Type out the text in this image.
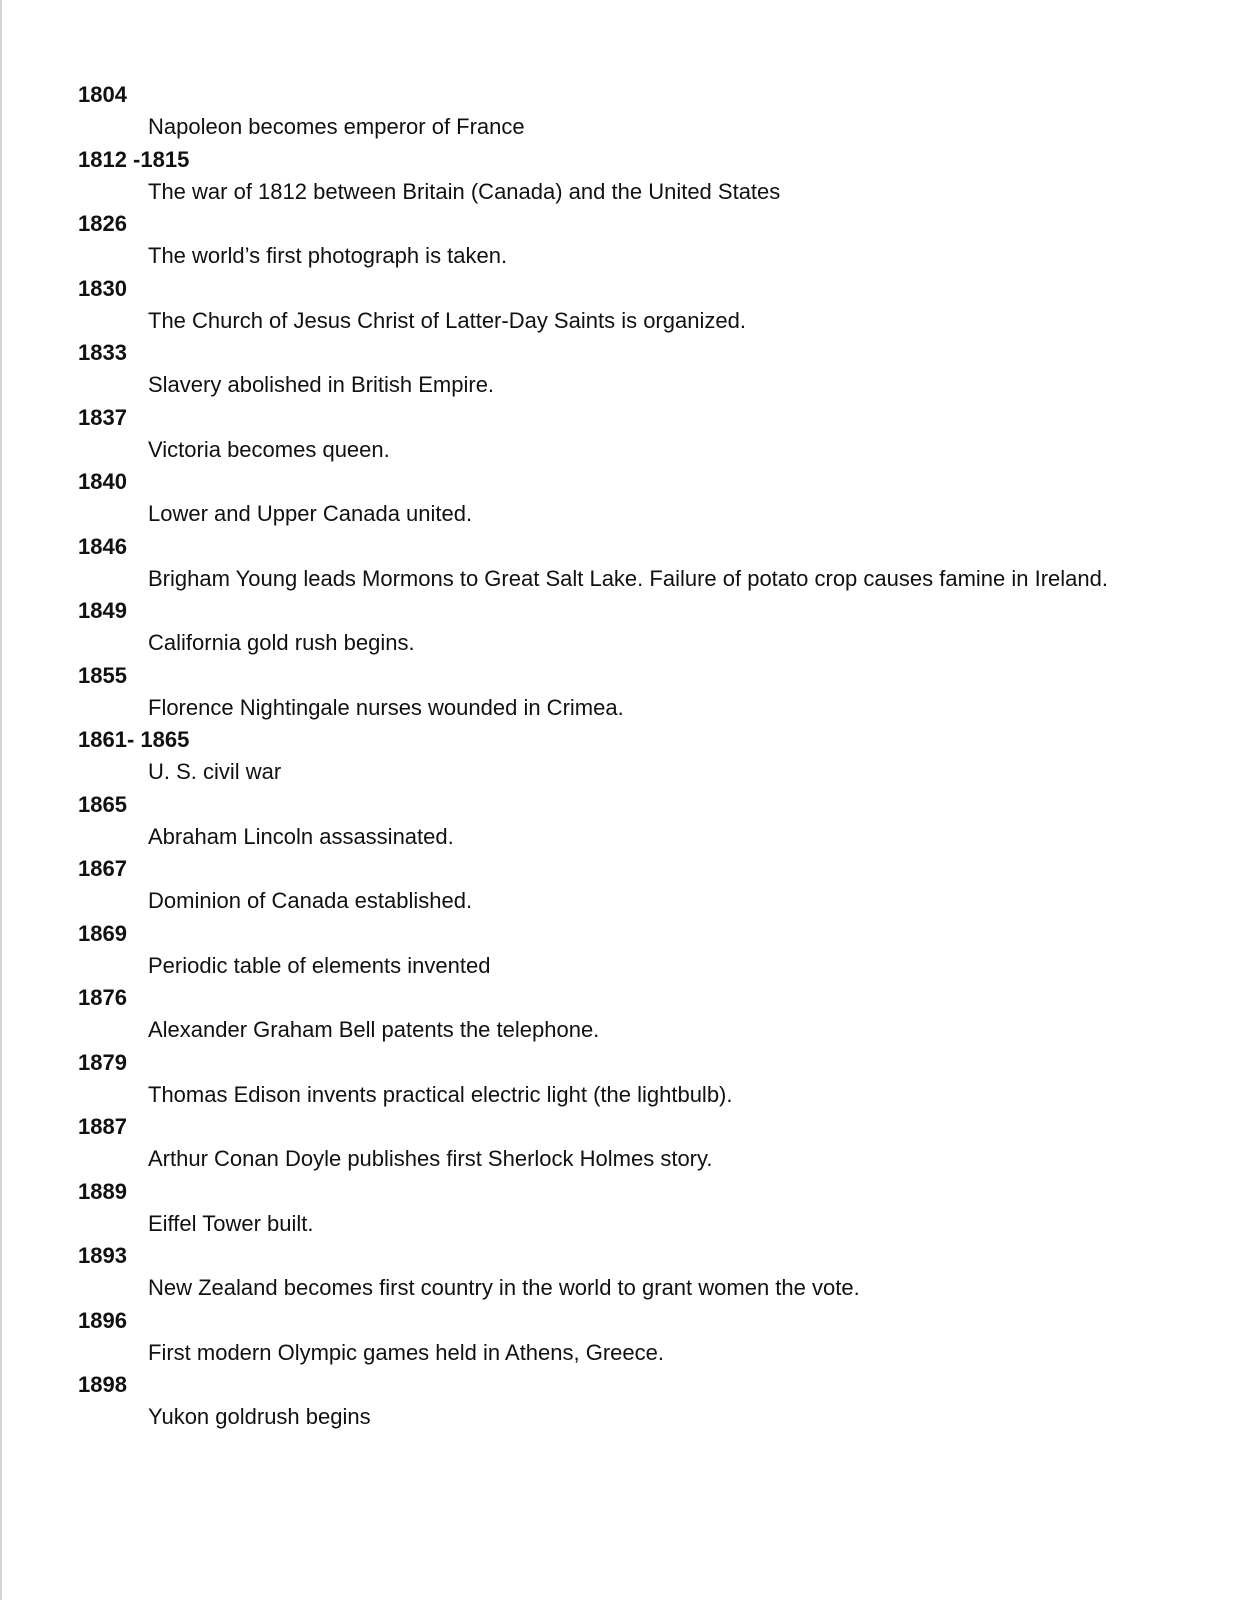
1804
Napoleon becomes emperor of France
1812 -1815
The war of 1812 between Britain (Canada) and the United States
1826
The world’s first photograph is taken.
1830
The Church of Jesus Christ of Latter-Day Saints is organized.
1833
Slavery abolished in British Empire.
1837
Victoria becomes queen.
1840
Lower and Upper Canada united.
1846
Brigham Young leads Mormons to Great Salt Lake. Failure of potato crop causes famine in Ireland.
1849
California gold rush begins.
1855
Florence Nightingale nurses wounded in Crimea.
1861- 1865
U. S. civil war
1865
Abraham Lincoln assassinated.
1867
Dominion of Canada established.
1869
Periodic table of elements invented
1876
Alexander Graham Bell patents the telephone.
1879
Thomas Edison invents practical electric light (the lightbulb).
1887
Arthur Conan Doyle publishes first Sherlock Holmes story.
1889
Eiffel Tower built.
1893
New Zealand becomes first country in the world to grant women the vote.
1896
First modern Olympic games held in Athens, Greece.
1898
Yukon goldrush begins
